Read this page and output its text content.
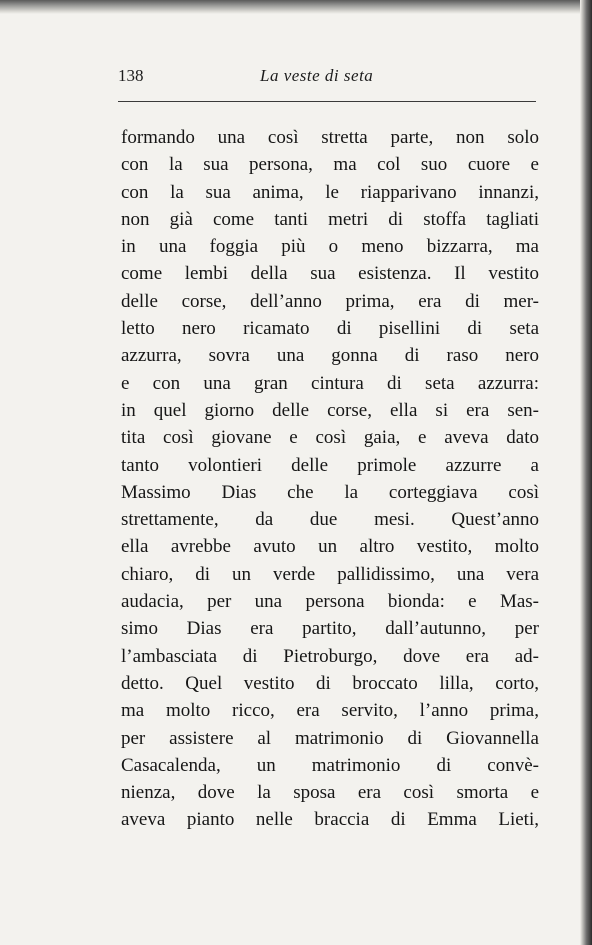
138	La veste di seta
formando una così stretta parte, non solo
con la sua persona, ma col suo cuore e
con la sua anima, le riapparivano innanzi,
non già come tanti metri di stoffa tagliati
in una foggia più o meno bizzarra, ma
come lembi della sua esistenza. Il vestito
delle corse, dell’anno prima, era di mer-
letto nero ricamato di pisellini di seta
azzurra, sovra una gonna di raso nero
e con una gran cintura di seta azzurra:
in quel giorno delle corse, ella si era sen-
tita così giovane e così gaia, e aveva dato
tanto volontieri delle primole azzurre a
Massimo Dias che la corteggiava così
strettamente, da due mesi. Quest’anno
ella avrebbe avuto un altro vestito, molto
chiaro, di un verde pallidissimo, una vera
audacia, per una persona bionda: e Mas-
simo Dias era partito, dall’autunno, per
l’ambasciata di Pietroburgo, dove era ad-
detto. Quel vestito di broccato lilla, corto,
ma molto ricco, era servito, l’anno prima,
per assistere al matrimonio di Giovannella
Casacalenda, un matrimonio di convè-
nienza, dove la sposa era così smorta e
aveva pianto nelle braccia di Emma Lieti,
